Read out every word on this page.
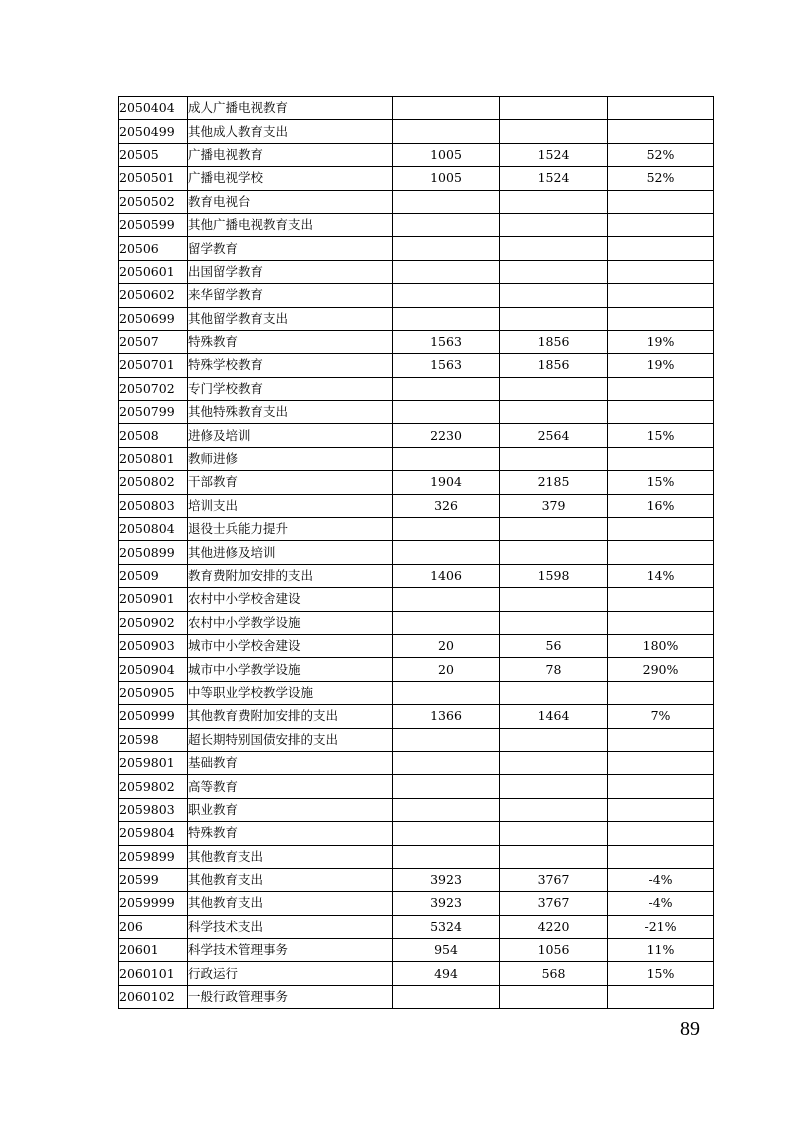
2050404	成人广播电视教育			
2050499	其他成人教育支出			
20505	广播电视教育	1005	1524	52%
2050501	广播电视学校	1005	1524	52%
2050502	教育电视台			
2050599	其他广播电视教育支出			
20506	留学教育			
2050601	出国留学教育			
2050602	来华留学教育			
2050699	其他留学教育支出			
20507	特殊教育	1563	1856	19%
2050701	特殊学校教育	1563	1856	19%
2050702	专门学校教育			
2050799	其他特殊教育支出			
20508	进修及培训	2230	2564	15%
2050801	教师进修			
2050802	干部教育	1904	2185	15%
2050803	培训支出	326	379	16%
2050804	退役士兵能力提升			
2050899	其他进修及培训			
20509	教育费附加安排的支出	1406	1598	14%
2050901	农村中小学校舍建设			
2050902	农村中小学教学设施			
2050903	城市中小学校舍建设	20	56	180%
2050904	城市中小学教学设施	20	78	290%
2050905	中等职业学校教学设施			
2050999	其他教育费附加安排的支出	1366	1464	7%
20598	超长期特别国债安排的支出			
2059801	基础教育			
2059802	高等教育			
2059803	职业教育			
2059804	特殊教育			
2059899	其他教育支出			
20599	其他教育支出	3923	3767	-4%
2059999	其他教育支出	3923	3767	-4%
206	科学技术支出	5324	4220	-21%
20601	科学技术管理事务	954	1056	11%
2060101	行政运行	494	568	15%
2060102	一般行政管理事务			
89
